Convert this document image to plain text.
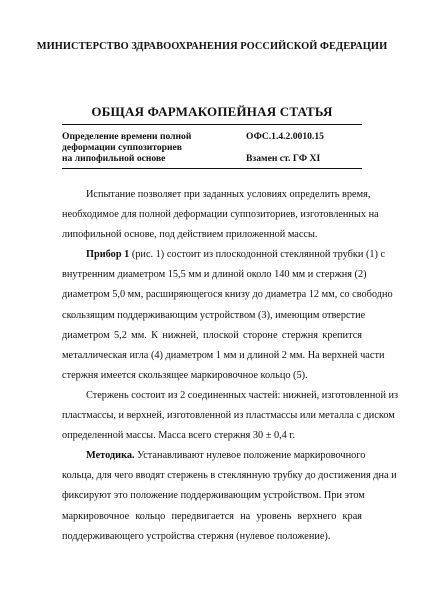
МИНИСТЕРСТВО ЗДРАВООХРАНЕНИЯ РОССИЙСКОЙ ФЕДЕРАЦИИ
ОБЩАЯ ФАРМАКОПЕЙНАЯ СТАТЬЯ
Определение времени полной
деформации суппозиториев
на липофильной основе
ОФС.1.4.2.0010.15
Взамен ст. ГФ XI

Испытание позволяет при заданных условиях определить время,
необходимое для полной деформации суппозиториев, изготовленных на
липофильной основе, под действием приложенной массы.

Прибор 1 (рис. 1) состоит из плоскодонной стеклянной трубки (1) с
внутренним диаметром 15,5 мм и длиной около 140 мм и стержня (2)
диаметром 5,0 мм, расширяющегося книзу до диаметра 12 мм, со свободно
скользящим поддерживающим устройством (3), имеющим отверстие
диаметром 5,2 мм. К нижней, плоской стороне стержня крепится
металлическая игла (4) диаметром 1 мм и длиной 2 мм. На верхней части
стержня имеется скользящее маркировочное кольцо (5).

Стержень состоит из 2 соединенных частей: нижней, изготовленной из
пластмассы, и верхней, изготовленной из пластмассы или металла с диском
определенной массы. Масса всего стержня 30 ± 0,4 г.

Методика. Устанавливают нулевое положение маркировочного
кольца, для чего вводят стержень в стеклянную трубку до достижения дна и
фиксируют это положение поддерживающим устройством. При этом
маркировочное кольцо передвигается на уровень верхнего края
поддерживающего устройства стержня (нулевое положение).
